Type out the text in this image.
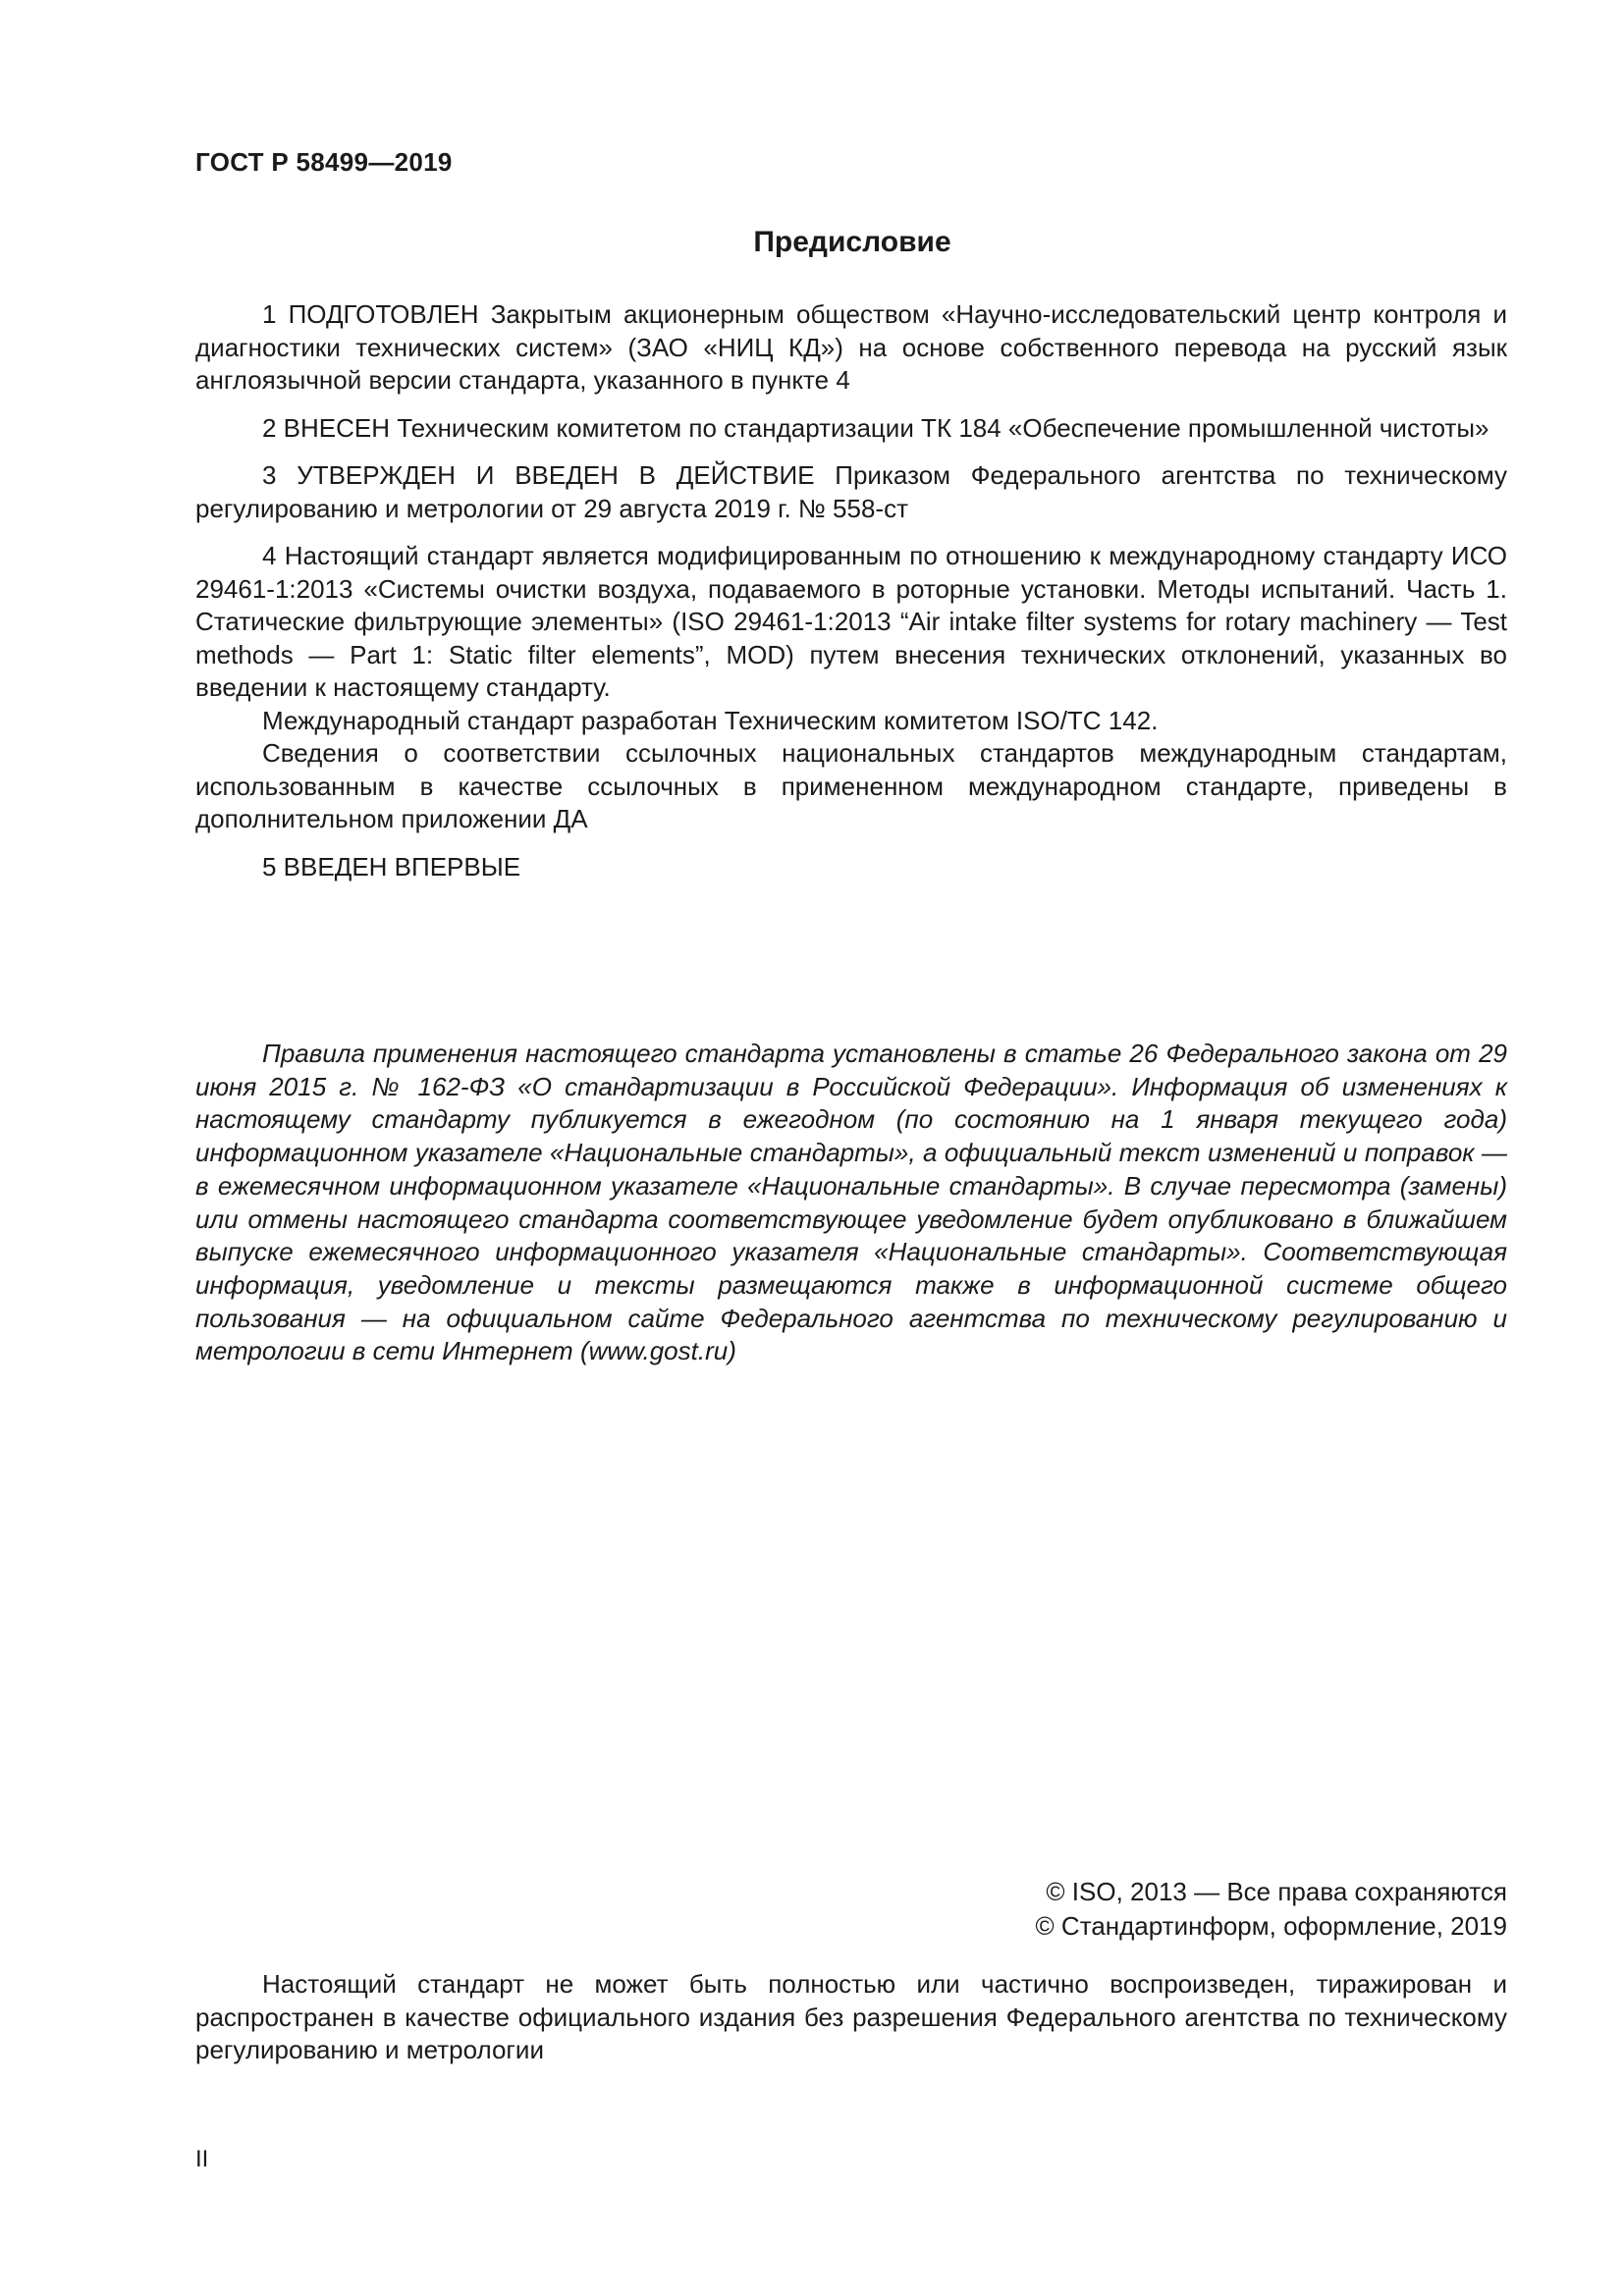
ГОСТ Р 58499—2019
Предисловие

1 ПОДГОТОВЛЕН Закрытым акционерным обществом «Научно-исследовательский центр контроля и диагностики технических систем» (ЗАО «НИЦ КД») на основе собственного перевода на русский язык англоязычной версии стандарта, указанного в пункте 4

2 ВНЕСЕН Техническим комитетом по стандартизации ТК 184 «Обеспечение промышленной чистоты»

3 УТВЕРЖДЕН И ВВЕДЕН В ДЕЙСТВИЕ Приказом Федерального агентства по техническому регулированию и метрологии от 29 августа 2019 г. № 558-ст

4 Настоящий стандарт является модифицированным по отношению к международному стандарту ИСО 29461-1:2013 «Системы очистки воздуха, подаваемого в роторные установки. Методы испытаний. Часть 1. Статические фильтрующие элементы» (ISO 29461-1:2013 “Air intake filter systems for rotary machinery — Test methods — Part 1: Static filter elements”, MOD) путем внесения технических отклонений, указанных во введении к настоящему стандарту.

Международный стандарт разработан Техническим комитетом ISO/TC 142.

Сведения о соответствии ссылочных национальных стандартов международным стандартам, использованным в качестве ссылочных в примененном международном стандарте, приведены в дополнительном приложении ДА

5 ВВЕДЕН ВПЕРВЫЕ

Правила применения настоящего стандарта установлены в статье 26 Федерального закона от 29 июня 2015 г. № 162-ФЗ «О стандартизации в Российской Федерации». Информация об изменениях к настоящему стандарту публикуется в ежегодном (по состоянию на 1 января текущего года) информационном указателе «Национальные стандарты», а официальный текст изменений и поправок — в ежемесячном информационном указателе «Национальные стандарты». В случае пересмотра (замены) или отмены настоящего стандарта соответствующее уведомление будет опубликовано в ближайшем выпуске ежемесячного информационного указателя «Национальные стандарты». Соответствующая информация, уведомление и тексты размещаются также в информационной системе общего пользования — на официальном сайте Федерального агентства по техническому регулированию и метрологии в сети Интернет (www.gost.ru)

© ISO, 2013 — Все права сохраняются
© Стандартинформ, оформление, 2019

Настоящий стандарт не может быть полностью или частично воспроизведен, тиражирован и распространен в качестве официального издания без разрешения Федерального агентства по техническому регулированию и метрологии

II
